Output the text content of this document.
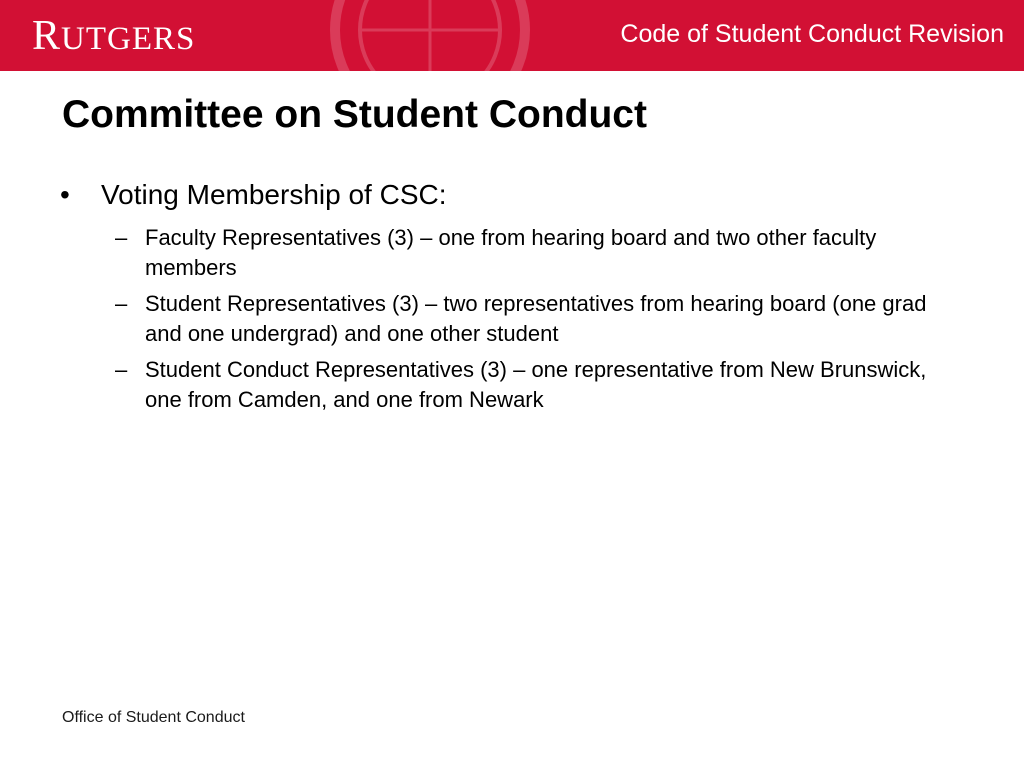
R UTGERS	Code of Student Conduct Revision
Committee on Student Conduct
•	Voting Membership of CSC:
– Faculty Representatives (3) – one from hearing board and two other faculty members
– Student Representatives (3) – two representatives from hearing board (one grad and one undergrad) and one other student
– Student Conduct Representatives (3) – one representative from New Brunswick, one from Camden, and one from Newark
Office of Student Conduct
